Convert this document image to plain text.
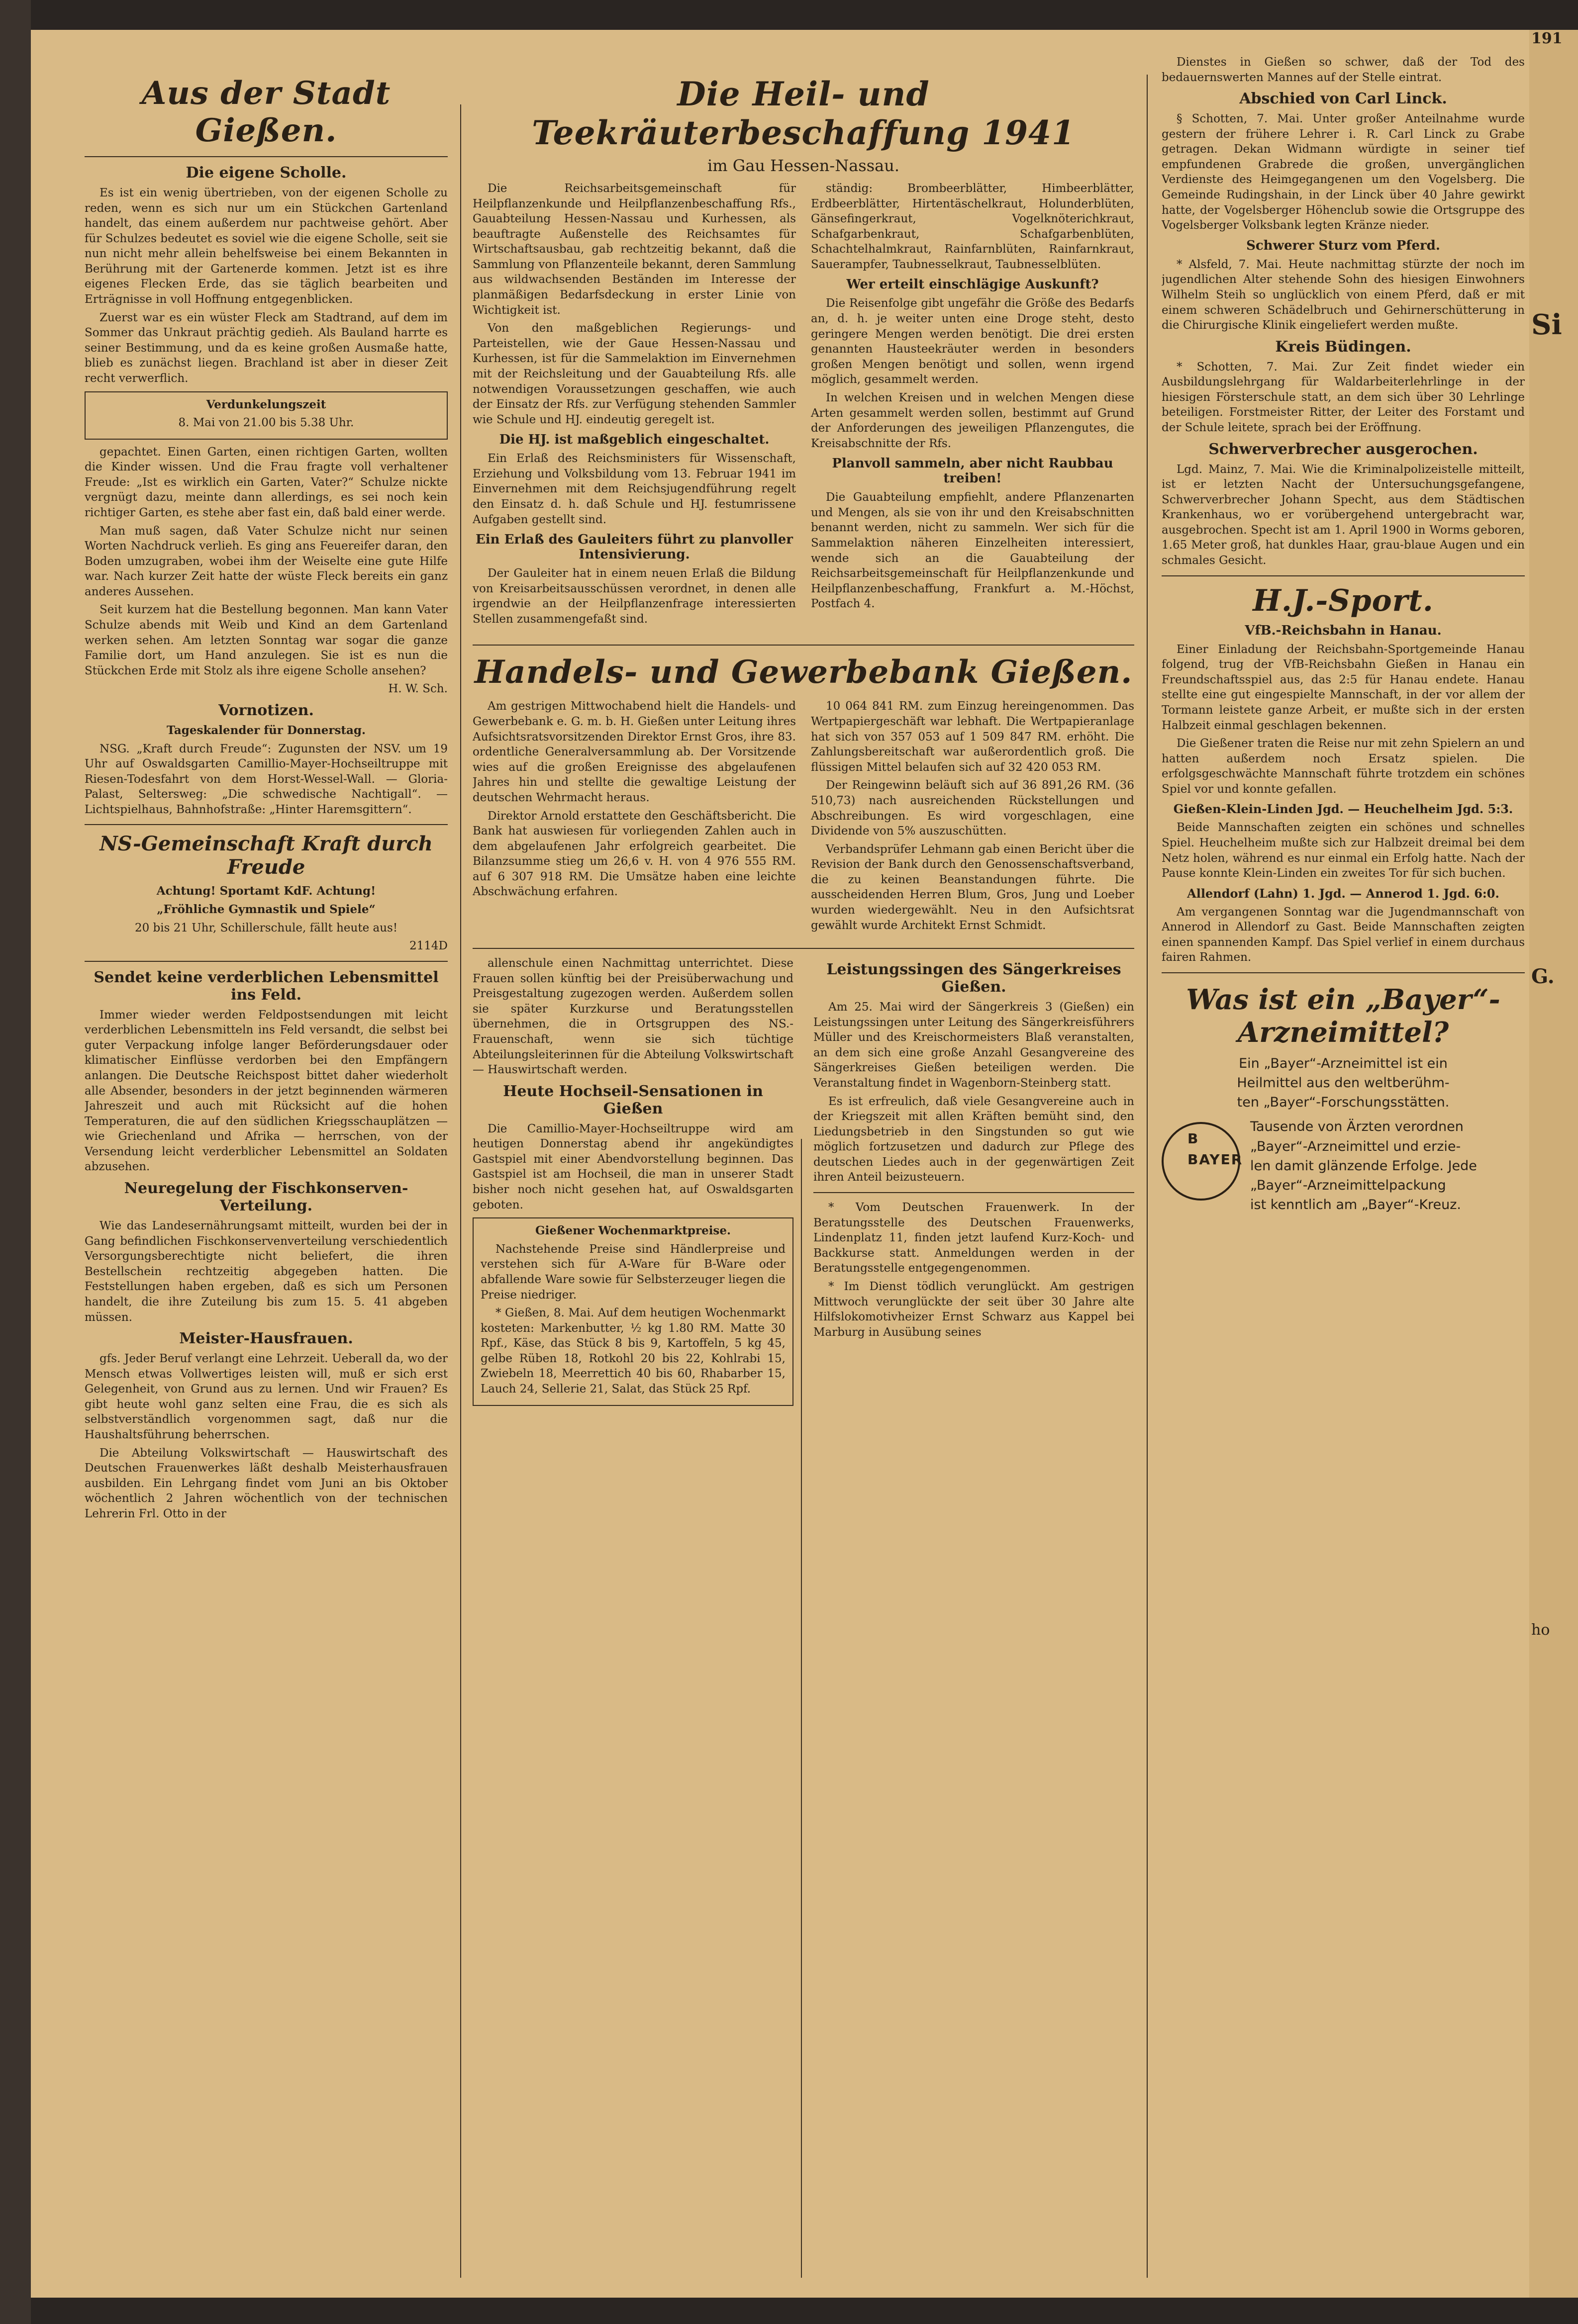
191
Si
G.
ho
Aus der Stadt Gießen.
Die eigene Scholle.

Es ist ein wenig übertrieben, von der eigenen Scholle zu reden, wenn es sich nur um ein Stückchen Gartenland handelt, das einem außerdem nur pachtweise gehört. Aber für Schulzes bedeutet es soviel wie die eigene Scholle, seit sie nun nicht mehr allein behelfsweise bei einem Bekannten in Berührung mit der Gartenerde kommen. Jetzt ist es ihre eigenes Flecken Erde, das sie täglich bearbeiten und Erträgnisse in voll Hoffnung entgegenblicken.

Zuerst war es ein wüster Fleck am Stadtrand, auf dem im Sommer das Unkraut prächtig gedieh. Als Bauland harrte es seiner Bestimmung, und da es keine großen Ausmaße hatte, blieb es zunächst liegen. Brachland ist aber in dieser Zeit recht verwerflich.

Verdunkelungszeit

8. Mai von 21.00 bis 5.38 Uhr.

gepachtet. Einen Garten, einen richtigen Garten, wollten die Kinder wissen. Und die Frau fragte voll verhaltener Freude: „Ist es wirklich ein Garten, Vater?“ Schulze nickte vergnügt dazu, meinte dann allerdings, es sei noch kein richtiger Garten, es stehe aber fast ein, daß bald einer werde.

Man muß sagen, daß Vater Schulze nicht nur seinen Worten Nachdruck verlieh. Es ging ans Feuereifer daran, den Boden umzugraben, wobei ihm der Weiselte eine gute Hilfe war. Nach kurzer Zeit hatte der wüste Fleck bereits ein ganz anderes Aussehen.

Seit kurzem hat die Bestellung begonnen. Man kann Vater Schulze abends mit Weib und Kind an dem Gartenland werken sehen. Am letzten Sonntag war sogar die ganze Familie dort, um Hand anzulegen. Sie ist es nun die Stückchen Erde mit Stolz als ihre eigene Scholle ansehen?

H. W. Sch.

Vornotizen.

Tageskalender für Donnerstag.

NSG. „Kraft durch Freude“: Zugunsten der NSV. um 19 Uhr auf Oswaldsgarten Camillio-Mayer-Hochseiltruppe mit Riesen-Todesfahrt von dem Horst-Wessel-Wall. — Gloria-Palast, Seltersweg: „Die schwedische Nachtigall“. — Lichtspielhaus, Bahnhofstraße: „Hinter Haremsgittern“.

NS-Gemeinschaft Kraft durch Freude

Achtung! Sportamt KdF. Achtung!

„Fröhliche Gymnastik und Spiele“

20 bis 21 Uhr, Schillerschule, fällt heute aus!

2114D

Sendet keine verderblichen Lebensmittel ins Feld.

Immer wieder werden Feldpostsendungen mit leicht verderblichen Lebensmitteln ins Feld versandt, die selbst bei guter Verpackung infolge langer Beförderungsdauer oder klimatischer Einflüsse verdorben bei den Empfängern anlangen. Die Deutsche Reichspost bittet daher wiederholt alle Absender, besonders in der jetzt beginnenden wärmeren Jahreszeit und auch mit Rücksicht auf die hohen Temperaturen, die auf den südlichen Kriegsschauplätzen — wie Griechenland und Afrika — herrschen, von der Versendung leicht verderblicher Lebensmittel an Soldaten abzusehen.

Neuregelung der Fischkonserven-Verteilung.

Wie das Landesernährungsamt mitteilt, wurden bei der in Gang befindlichen Fischkonservenverteilung verschiedentlich Versorgungsberechtigte nicht beliefert, die ihren Bestellschein rechtzeitig abgegeben hatten. Die Feststellungen haben ergeben, daß es sich um Personen handelt, die ihre Zuteilung bis zum 15. 5. 41 abgeben müssen.

Meister-Hausfrauen.

gfs. Jeder Beruf verlangt eine Lehrzeit. Ueberall da, wo der Mensch etwas Vollwertiges leisten will, muß er sich erst Gelegenheit, von Grund aus zu lernen. Und wir Frauen? Es gibt heute wohl ganz selten eine Frau, die es sich als selbstverständlich vorgenommen sagt, daß nur die Haushaltsführung beherrschen.

Die Abteilung Volkswirtschaft — Hauswirtschaft des Deutschen Frauenwerkes läßt deshalb Meisterhausfrauen ausbilden. Ein Lehrgang findet vom Juni an bis Oktober wöchentlich 2 Jahren wöchentlich von der technischen Lehrerin Frl. Otto in der

Die Heil- und Teekräuterbeschaffung 1941
im Gau Hessen-Nassau.

Die Reichsarbeitsgemeinschaft für Heilpflanzenkunde und Heilpflanzenbeschaffung Rfs., Gauabteilung Hessen-Nassau und Kurhessen, als beauftragte Außenstelle des Reichsamtes für Wirtschaftsausbau, gab rechtzeitig bekannt, daß die Sammlung von Pflanzenteile bekannt, deren Sammlung aus wildwachsenden Beständen im Interesse der planmäßigen Bedarfsdeckung in erster Linie von Wichtigkeit ist.

Von den maßgeblichen Regierungs- und Parteistellen, wie der Gaue Hessen-Nassau und Kurhessen, ist für die Sammelaktion im Einvernehmen mit der Reichsleitung und der Gauabteilung Rfs. alle notwendigen Voraussetzungen geschaffen, wie auch der Einsatz der Rfs. zur Verfügung stehenden Sammler wie Schule und HJ. eindeutig geregelt ist.

Die HJ. ist maßgeblich eingeschaltet.

Ein Erlaß des Reichsministers für Wissenschaft, Erziehung und Volksbildung vom 13. Februar 1941 im Einvernehmen mit dem Reichsjugendführung regelt den Einsatz d. h. daß Schule und HJ. festumrissene Aufgaben gestellt sind.

Ein Erlaß des Gauleiters führt zu planvoller Intensivierung.

Der Gauleiter hat in einem neuen Erlaß die Bildung von Kreisarbeitsausschüssen verordnet, in denen alle irgendwie an der Heilpflanzenfrage interessierten Stellen zusammengefaßt sind.

ständig: Brombeerblätter, Himbeerblätter, Erdbeerblätter, Hirtentäschelkraut, Holunderblüten, Gänsefingerkraut, Vogelknöterichkraut, Schafgarbenkraut, Schafgarbenblüten, Schachtelhalmkraut, Rainfarnblüten, Rainfarnkraut, Sauerampfer, Taubnesselkraut, Taubnesselblüten.

Wer erteilt einschlägige Auskunft?

Die Reisenfolge gibt ungefähr die Größe des Bedarfs an, d. h. je weiter unten eine Droge steht, desto geringere Mengen werden benötigt. Die drei ersten genannten Hausteekräuter werden in besonders großen Mengen benötigt und sollen, wenn irgend möglich, gesammelt werden.

In welchen Kreisen und in welchen Mengen diese Arten gesammelt werden sollen, bestimmt auf Grund der Anforderungen des jeweiligen Pflanzengutes, die Kreisabschnitte der Rfs.

Planvoll sammeln, aber nicht Raubbau treiben!

Die Gauabteilung empfiehlt, andere Pflanzenarten und Mengen, als sie von ihr und den Kreisabschnitten benannt werden, nicht zu sammeln. Wer sich für die Sammelaktion näheren Einzelheiten interessiert, wende sich an die Gauabteilung der Reichsarbeitsgemeinschaft für Heilpflanzenkunde und Heilpflanzenbeschaffung, Frankfurt a. M.-Höchst, Postfach 4.

Handels- und Gewerbebank Gießen.

Am gestrigen Mittwochabend hielt die Handels- und Gewerbebank e. G. m. b. H. Gießen unter Leitung ihres Aufsichtsratsvorsitzenden Direktor Ernst Gros, ihre 83. ordentliche Generalversammlung ab. Der Vorsitzende wies auf die großen Ereignisse des abgelaufenen Jahres hin und stellte die gewaltige Leistung der deutschen Wehrmacht heraus.

Direktor Arnold erstattete den Geschäftsbericht. Die Bank hat auswiesen für vorliegenden Zahlen auch in dem abgelaufenen Jahr erfolgreich gearbeitet. Die Bilanzsumme stieg um 26,6 v. H. von 4 976 555 RM. auf 6 307 918 RM. Die Umsätze haben eine leichte Abschwächung erfahren.

10 064 841 RM. zum Einzug hereingenommen. Das Wertpapiergeschäft war lebhaft. Die Wertpapieranlage hat sich von 357 053 auf 1 509 847 RM. erhöht. Die Zahlungsbereitschaft war außerordentlich groß. Die flüssigen Mittel belaufen sich auf 32 420 053 RM.

Der Reingewinn beläuft sich auf 36 891,26 RM. (36 510,73) nach ausreichenden Rückstellungen und Abschreibungen. Es wird vorgeschlagen, eine Dividende von 5% auszuschütten.

Verbandsprüfer Lehmann gab einen Bericht über die Revision der Bank durch den Genossenschaftsverband, die zu keinen Beanstandungen führte. Die ausscheidenden Herren Blum, Gros, Jung und Loeber wurden wiedergewählt. Neu in den Aufsichtsrat gewählt wurde Architekt Ernst Schmidt.

allenschule einen Nachmittag unterrichtet. Diese Frauen sollen künftig bei der Preisüberwachung und Preisgestaltung zugezogen werden. Außerdem sollen sie später Kurzkurse und Beratungsstellen übernehmen, die in Ortsgruppen des NS.-Frauenschaft, wenn sie sich tüchtige Abteilungsleiterinnen für die Abteilung Volkswirtschaft — Hauswirtschaft werden.

Heute Hochseil-Sensationen in Gießen

Die Camillio-Mayer-Hochseiltruppe wird am heutigen Donnerstag abend ihr angekündigtes Gastspiel mit einer Abendvorstellung beginnen. Das Gastspiel ist am Hochseil, die man in unserer Stadt bisher noch nicht gesehen hat, auf Oswaldsgarten geboten.

Gießener Wochenmarktpreise.

Nachstehende Preise sind Händlerpreise und verstehen sich für A-Ware für B-Ware oder abfallende Ware sowie für Selbsterzeuger liegen die Preise niedriger.

* Gießen, 8. Mai. Auf dem heutigen Wochenmarkt kosteten: Markenbutter, ½ kg 1.80 RM. Matte 30 Rpf., Käse, das Stück 8 bis 9, Kartoffeln, 5 kg 45, gelbe Rüben 18, Rotkohl 20 bis 22, Kohlrabi 15, Zwiebeln 18, Meerrettich 40 bis 60, Rhabarber 15, Lauch 24, Sellerie 21, Salat, das Stück 25 Rpf.

Leistungssingen des Sängerkreises Gießen.

Am 25. Mai wird der Sängerkreis 3 (Gießen) ein Leistungssingen unter Leitung des Sängerkreisführers Müller und des Kreischormeisters Blaß veranstalten, an dem sich eine große Anzahl Gesangvereine des Sängerkreises Gießen beteiligen werden. Die Veranstaltung findet in Wagenborn-Steinberg statt.

Es ist erfreulich, daß viele Gesangvereine auch in der Kriegszeit mit allen Kräften bemüht sind, den Liedungsbetrieb in den Singstunden so gut wie möglich fortzusetzen und dadurch zur Pflege des deutschen Liedes auch in der gegenwärtigen Zeit ihren Anteil beizusteuern.

* Vom Deutschen Frauenwerk. In der Beratungsstelle des Deutschen Frauenwerks, Lindenplatz 11, finden jetzt laufend Kurz-Koch- und Backkurse statt. Anmeldungen werden in der Beratungsstelle entgegengenommen.

* Im Dienst tödlich verunglückt. Am gestrigen Mittwoch verunglückte der seit über 30 Jahre alte Hilfslokomotivheizer Ernst Schwarz aus Kappel bei Marburg in Ausübung seines

Dienstes in Gießen so schwer, daß der Tod des bedauernswerten Mannes auf der Stelle eintrat.

Abschied von Carl Linck.

§ Schotten, 7. Mai. Unter großer Anteilnahme wurde gestern der frühere Lehrer i. R. Carl Linck zu Grabe getragen. Dekan Widmann würdigte in seiner tief empfundenen Grabrede die großen, unvergänglichen Verdienste des Heimgegangenen um den Vogelsberg. Die Gemeinde Rudingshain, in der Linck über 40 Jahre gewirkt hatte, der Vogelsberger Höhenclub sowie die Ortsgruppe des Vogelsberger Volksbank legten Kränze nieder.

Schwerer Sturz vom Pferd.

* Alsfeld, 7. Mai. Heute nachmittag stürzte der noch im jugendlichen Alter stehende Sohn des hiesigen Einwohners Wilhelm Steih so unglücklich von einem Pferd, daß er mit einem schweren Schädelbruch und Gehirnerschütterung in die Chirurgische Klinik eingeliefert werden mußte.

Kreis Büdingen.

* Schotten, 7. Mai. Zur Zeit findet wieder ein Ausbildungslehrgang für Waldarbeiterlehrlinge in der hiesigen Försterschule statt, an dem sich über 30 Lehrlinge beteiligen. Forstmeister Ritter, der Leiter des Forstamt und der Schule leitete, sprach bei der Eröffnung.

Schwerverbrecher ausgerochen.

Lgd. Mainz, 7. Mai. Wie die Kriminalpolizeistelle mitteilt, ist er letzten Nacht der Untersuchungsgefangene, Schwerverbrecher Johann Specht, aus dem Städtischen Krankenhaus, wo er vorübergehend untergebracht war, ausgebrochen. Specht ist am 1. April 1900 in Worms geboren, 1.65 Meter groß, hat dunkles Haar, grau-blaue Augen und ein schmales Gesicht.

H.J.-Sport.
VfB.-Reichsbahn in Hanau.

Einer Einladung der Reichsbahn-Sportgemeinde Hanau folgend, trug der VfB-Reichsbahn Gießen in Hanau ein Freundschaftsspiel aus, das 2:5 für Hanau endete. Hanau stellte eine gut eingespielte Mannschaft, in der vor allem der Tormann leistete ganze Arbeit, er mußte sich in der ersten Halbzeit einmal geschlagen bekennen.

Die Gießener traten die Reise nur mit zehn Spielern an und hatten außerdem noch Ersatz spielen. Die erfolgsgeschwächte Mannschaft führte trotzdem ein schönes Spiel vor und konnte gefallen.

Gießen-Klein-Linden Jgd. — Heuchelheim Jgd. 5:3.

Beide Mannschaften zeigten ein schönes und schnelles Spiel. Heuchelheim mußte sich zur Halbzeit dreimal bei dem Netz holen, während es nur einmal ein Erfolg hatte. Nach der Pause konnte Klein-Linden ein zweites Tor für sich buchen.

Allendorf (Lahn) 1. Jgd. — Annerod 1. Jgd. 6:0.

Am vergangenen Sonntag war die Jugendmannschaft von Annerod in Allendorf zu Gast. Beide Mannschaften zeigten einen spannenden Kampf. Das Spiel verlief in einem durchaus fairen Rahmen.

Was ist ein „Bayer“-Arzneimittel?
Ein „Bayer“-Arzneimittel ist ein
Heilmittel aus den weltberühm-
ten „Bayer“-Forschungsstätten.
B
BAYER
Tausende von Ärzten verordnen
„Bayer“-Arzneimittel und erzie-
len damit glänzende Erfolge. Jede
„Bayer“-Arzneimittelpackung
ist kenntlich am „Bayer“-Kreuz.
